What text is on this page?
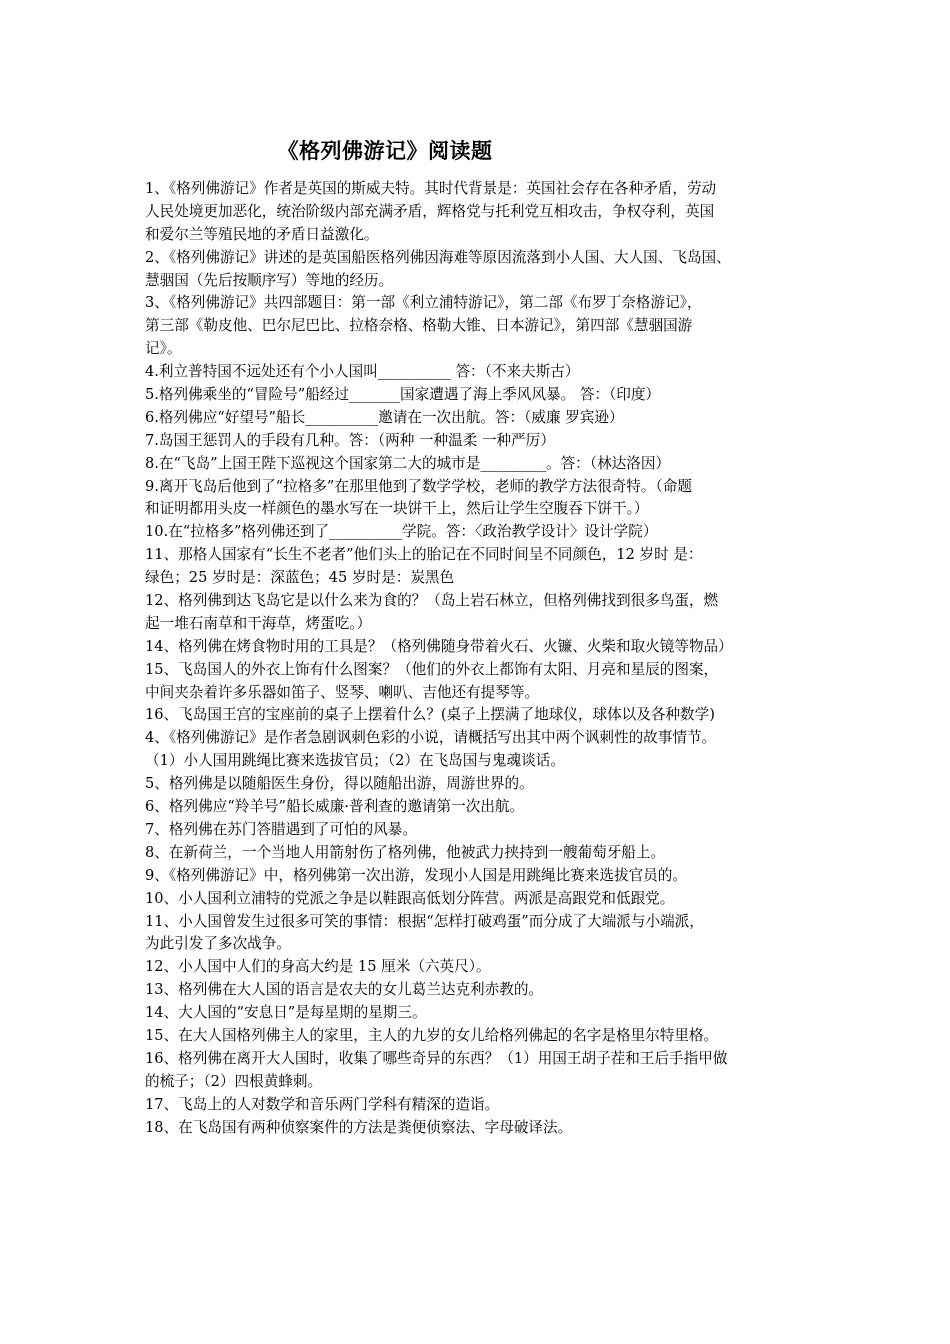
《格列佛游记》阅读题
1、《格列佛游记》作者是英国的斯威夫特。其时代背景是：英国社会存在各种矛盾，劳动
人民处境更加恶化，统治阶级内部充满矛盾，辉格党与托利党互相攻击，争权夺利，英国
和爱尔兰等殖民地的矛盾日益激化。
2、《格列佛游记》讲述的是英国船医格列佛因海难等原因流落到小人国、大人国、飞岛国、
慧骃国（先后按顺序写）等地的经历。
3、《格列佛游记》共四部题目：第一部《利立浦特游记》，第二部《布罗丁奈格游记》，
第三部《勒皮他、巴尔尼巴比、拉格奈格、格勒大锥、日本游记》，第四部《慧骃国游
记》。
4.利立普特国不远处还有个小人国叫__________ 答：（不来夫斯古）
5.格列佛乘坐的“冒险号”船经过_______国家遭遇了海上季风风暴。 答：（印度）
6.格列佛应“好望号”船长__________邀请在一次出航。答：（威廉 罗宾逊）
7.岛国王惩罚人的手段有几种。答：（两种 一种温柔 一种严厉）
8.在“飞岛”上国王陛下巡视这个国家第二大的城市是_________。答：（林达洛因）
9.离开飞岛后他到了“拉格多”在那里他到了数学学校，老师的教学方法很奇特。（命题
和证明都用头皮一样颜色的墨水写在一块饼干上，然后让学生空腹吞下饼干。）
10.在“拉格多”格列佛还到了__________学院。答：〈政治教学设计〉设计学院）
11、那格人国家有“长生不老者”他们头上的胎记在不同时间呈不同颜色，12 岁时 是：
绿色；25 岁时是：深蓝色；45 岁时是：炭黑色
12、格列佛到达飞岛它是以什么来为食的？（岛上岩石林立，但格列佛找到很多鸟蛋，燃
起一堆石南草和干海草，烤蛋吃。）
14、格列佛在烤食物时用的工具是？（格列佛随身带着火石、火镰、火柴和取火镜等物品）
15、飞岛国人的外衣上饰有什么图案？（他们的外衣上都饰有太阳、月亮和星辰的图案，
中间夹杂着许多乐器如笛子、竖琴、喇叭、吉他还有提琴等。
16、飞岛国王宫的宝座前的桌子上摆着什么？(桌子上摆满了地球仪，球体以及各种数学)
4、《格列佛游记》是作者急剧讽刺色彩的小说，请概括写出其中两个讽刺性的故事情节。
（1）小人国用跳绳比赛来选拔官员；（2）在飞岛国与鬼魂谈话。
5、格列佛是以随船医生身份，得以随船出游，周游世界的。
6、格列佛应“羚羊号”船长威廉·普利查的邀请第一次出航。
7、格列佛在苏门答腊遇到了可怕的风暴。
8、在新荷兰，一个当地人用箭射伤了格列佛，他被武力挟持到一艘葡萄牙船上。
9、《格列佛游记》中，格列佛第一次出游，发现小人国是用跳绳比赛来选拔官员的。
10、小人国利立浦特的党派之争是以鞋跟高低划分阵营。两派是高跟党和低跟党。
11、小人国曾发生过很多可笑的事情：根据“怎样打破鸡蛋”而分成了大端派与小端派，
为此引发了多次战争。
12、小人国中人们的身高大约是 15 厘米（六英尺）。
13、格列佛在大人国的语言是农夫的女儿葛兰达克利赤教的。
14、大人国的“安息日”是每星期的星期三。
15、在大人国格列佛主人的家里，主人的九岁的女儿给格列佛起的名字是格里尔特里格。
16、格列佛在离开大人国时，收集了哪些奇异的东西？（1）用国王胡子茬和王后手指甲做
的梳子；（2）四根黄蜂刺。
17、飞岛上的人对数学和音乐两门学科有精深的造诣。
18、在飞岛国有两种侦察案件的方法是粪便侦察法、字母破译法。
